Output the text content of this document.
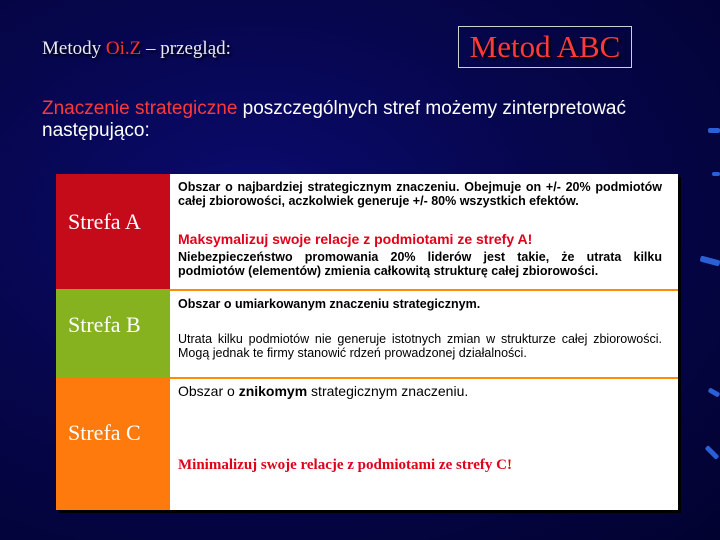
Metody Oi.Z – przegląd:	Metod ABC
Znaczenie strategiczne poszczególnych stref możemy zinterpretować następująco:
Strefa A
Strefa B
Strefa C
Obszar o najbardziej strategicznym znaczeniu. Obejmuje on +/- 20% podmiotów całej zbiorowości, aczkolwiek generuje +/- 80% wszystkich efektów.
Maksymalizuj swoje relacje z podmiotami ze strefy A!
Niebezpieczeństwo promowania 20% liderów jest takie, że utrata kilku podmiotów (elementów) zmienia całkowitą strukturę całej zbiorowości.
Obszar o umiarkowanym znaczeniu strategicznym.
Utrata kilku podmiotów nie generuje istotnych zmian w strukturze całej zbiorowości. Mogą jednak te firmy stanowić rdzeń prowadzonej działalności.
Obszar o znikomym strategicznym znaczeniu.
Minimalizuj swoje relacje z podmiotami ze strefy C!
